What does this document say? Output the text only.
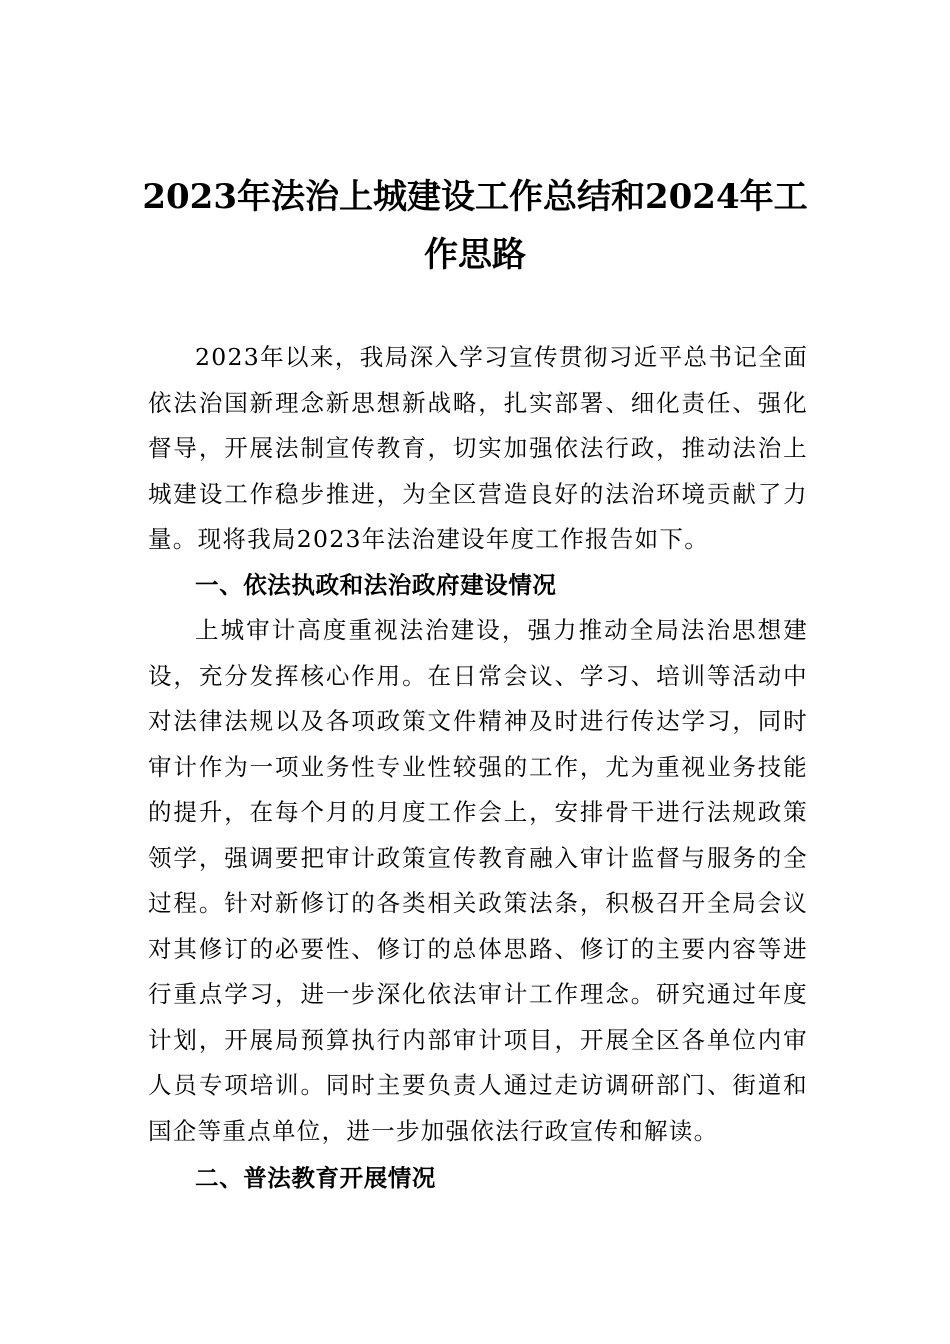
2023年法治上城建设工作总结和2024年工作思路

2023年以来，我局深入学习宣传贯彻习近平总书记全面依法治国新理念新思想新战略，扎实部署、细化责任、强化督导，开展法制宣传教育，切实加强依法行政，推动法治上城建设工作稳步推进，为全区营造良好的法治环境贡献了力量。现将我局2023年法治建设年度工作报告如下。

一、依法执政和法治政府建设情况

上城审计高度重视法治建设，强力推动全局法治思想建设，充分发挥核心作用。在日常会议、学习、培训等活动中对法律法规以及各项政策文件精神及时进行传达学习，同时审计作为一项业务性专业性较强的工作，尤为重视业务技能的提升，在每个月的月度工作会上，安排骨干进行法规政策领学，强调要把审计政策宣传教育融入审计监督与服务的全过程。针对新修订的各类相关政策法条，积极召开全局会议对其修订的必要性、修订的总体思路、修订的主要内容等进行重点学习，进一步深化依法审计工作理念。研究通过年度计划，开展局预算执行内部审计项目，开展全区各单位内审人员专项培训。同时主要负责人通过走访调研部门、街道和国企等重点单位，进一步加强依法行政宣传和解读。

二、普法教育开展情况
